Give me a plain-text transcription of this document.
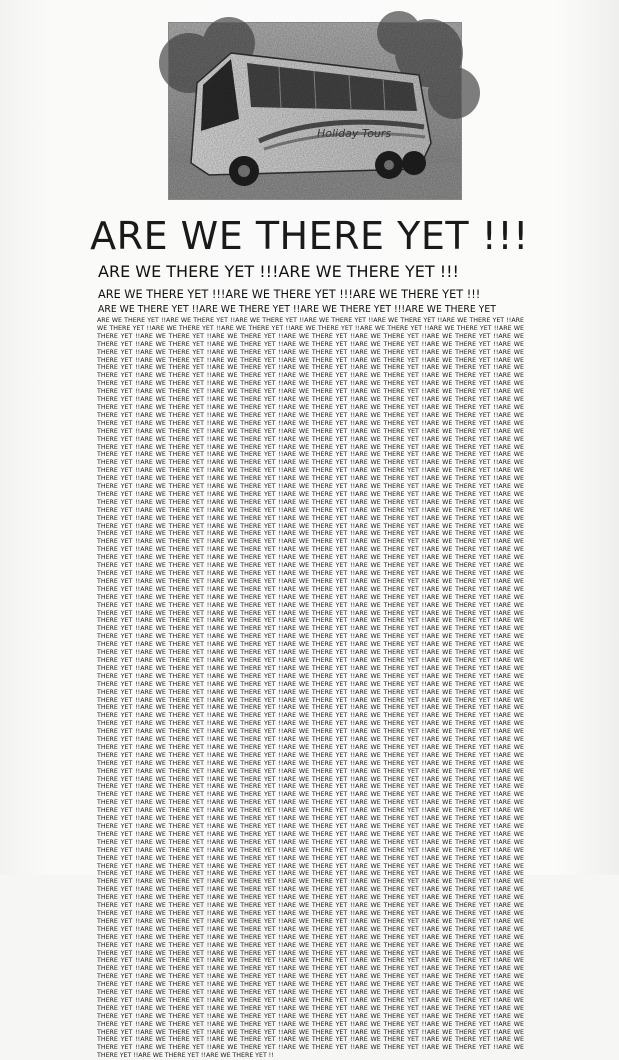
ARE WE THERE YET !!!
ARE WE THERE YET !!!ARE WE THERE YET !!!
ARE WE THERE YET !!!ARE WE THERE YET !!!ARE WE THERE YET !!!
ARE WE THERE YET !!ARE WE THERE YET !!ARE WE THERE YET !!!ARE WE THERE YET
ARE WE THERE YET !!ARE WE THERE YET !!ARE WE THERE YET !!ARE WE THERE YET !!ARE WE THERE YET !!ARE WE THERE YET !!ARE WE THERE YET !!ARE WE THERE YET !!ARE WE THERE YET !!ARE WE THERE YET !!ARE WE THERE YET !!ARE WE THERE YET !!ARE WE THERE YET !!ARE WE THERE YET !!ARE WE THERE YET !!ARE WE THERE YET !!ARE WE THERE YET !!ARE WE THERE YET !!ARE WE THERE YET !!ARE WE THERE YET !!ARE WE THERE YET !!ARE WE THERE YET !!ARE WE THERE YET !!ARE WE THERE YET !!ARE WE THERE YET !!ARE WE THERE YET !!ARE WE THERE YET !!ARE WE THERE YET !!ARE WE THERE YET !!ARE WE THERE YET !!ARE WE THERE YET !!ARE WE THERE YET !!ARE WE THERE YET !!ARE WE THERE YET !!ARE WE THERE YET !!ARE WE THERE YET !!ARE WE THERE YET !!ARE WE THERE YET !!ARE WE THERE YET !!ARE WE THERE YET !!ARE WE THERE YET !!ARE WE THERE YET !!ARE WE THERE YET !!ARE WE THERE YET !!ARE WE THERE YET !!ARE WE THERE YET !!ARE WE THERE YET !!ARE WE THERE YET !!ARE WE THERE YET !!ARE WE THERE YET !!ARE WE THERE YET !!ARE WE THERE YET !!ARE WE THERE YET !!ARE WE THERE YET !!ARE WE THERE YET !!ARE WE THERE YET !!ARE WE THERE YET !!ARE WE THERE YET !!ARE WE THERE YET !!ARE WE THERE YET !!ARE WE THERE YET !!ARE WE THERE YET !!ARE WE THERE YET !!ARE WE THERE YET !!ARE WE THERE YET !!ARE WE THERE YET !!ARE WE THERE YET !!ARE WE THERE YET !!ARE WE THERE YET !!ARE WE THERE YET !!ARE WE THERE YET !!ARE WE THERE YET !!ARE WE THERE YET !!ARE WE THERE YET !!ARE WE THERE YET !!ARE WE THERE YET !!ARE WE THERE YET !!ARE WE THERE YET !!ARE WE THERE YET !!ARE WE THERE YET !!ARE WE THERE YET !!ARE WE THERE YET !!ARE WE THERE YET !!ARE WE THERE YET !!ARE WE THERE YET !!ARE WE THERE YET !!ARE WE THERE YET !!ARE WE THERE YET !!ARE WE THERE YET !!ARE WE THERE YET !!ARE WE THERE YET !!ARE WE THERE YET !!ARE WE THERE YET !!ARE WE THERE YET !!ARE WE THERE YET !!ARE WE THERE YET !!ARE WE THERE YET !!ARE WE THERE YET !!ARE WE THERE YET !!ARE WE THERE YET !!ARE WE THERE YET !!ARE WE THERE YET !!ARE WE THERE YET !!ARE WE THERE YET !!ARE WE THERE YET !!ARE WE THERE YET !!ARE WE THERE YET !!ARE WE THERE YET !!ARE WE THERE YET !!ARE WE THERE YET !!ARE WE THERE YET !!ARE WE THERE YET !!ARE WE THERE YET !!ARE WE THERE YET !!ARE WE THERE YET !!ARE WE THERE YET !!ARE WE THERE YET !!ARE WE THERE YET !!ARE WE THERE YET !!ARE WE THERE YET !!ARE WE THERE YET !!ARE WE THERE YET !!ARE WE THERE YET !!ARE WE THERE YET !!ARE WE THERE YET !!ARE WE THERE YET !!ARE WE THERE YET !!ARE WE THERE YET !!ARE WE THERE YET !!ARE WE THERE YET !!ARE WE THERE YET !!ARE WE THERE YET !!ARE WE THERE YET !!ARE WE THERE YET !!ARE WE THERE YET !!ARE WE THERE YET !!ARE WE THERE YET !!ARE WE THERE YET !!ARE WE THERE YET !!ARE WE THERE YET !!ARE WE THERE YET !!ARE WE THERE YET !!ARE WE THERE YET !!ARE WE THERE YET !!ARE WE THERE YET !!ARE WE THERE YET !!ARE WE THERE YET !!ARE WE THERE YET !!ARE WE THERE YET !!ARE WE THERE YET !!ARE WE THERE YET !!ARE WE THERE YET !!ARE WE THERE YET !!ARE WE THERE YET !!ARE WE THERE YET !!ARE WE THERE YET !!ARE WE THERE YET !!ARE WE THERE YET !!ARE WE THERE YET !!ARE WE THERE YET !!ARE WE THERE YET !!ARE WE THERE YET !!ARE WE THERE YET !!ARE WE THERE YET !!ARE WE THERE YET !!ARE WE THERE YET !!ARE WE THERE YET !!ARE WE THERE YET !!ARE WE THERE YET !!ARE WE THERE YET !!ARE WE THERE YET !!ARE WE THERE YET !!ARE WE THERE YET !!ARE WE THERE YET !!ARE WE THERE YET !!ARE WE THERE YET !!ARE WE THERE YET !!ARE WE THERE YET !!ARE WE THERE YET !!ARE WE THERE YET !!ARE WE THERE YET !!ARE WE THERE YET !!ARE WE THERE YET !!ARE WE THERE YET !!ARE WE THERE YET !!ARE WE THERE YET !!ARE WE THERE YET !!ARE WE THERE YET !!ARE WE THERE YET !!ARE WE THERE YET !!ARE WE THERE YET !!ARE WE THERE YET !!ARE WE THERE YET !!ARE WE THERE YET !!ARE WE THERE YET !!ARE WE THERE YET !!ARE WE THERE YET !!ARE WE THERE YET !!ARE WE THERE YET !!ARE WE THERE YET !!ARE WE THERE YET !!ARE WE THERE YET !!ARE WE THERE YET !!ARE WE THERE YET !!ARE WE THERE YET !!ARE WE THERE YET !!ARE WE THERE YET !!ARE WE THERE YET !!ARE WE THERE YET !!ARE WE THERE YET !!ARE WE THERE YET !!ARE WE THERE YET !!ARE WE THERE YET !!ARE WE THERE YET !!ARE WE THERE YET !!ARE WE THERE YET !!ARE WE THERE YET !!ARE WE THERE YET !!ARE WE THERE YET !!ARE WE THERE YET !!ARE WE THERE YET !!ARE WE THERE YET !!ARE WE THERE YET !!ARE WE THERE YET !!ARE WE THERE YET !!ARE WE THERE YET !!ARE WE THERE YET !!ARE WE THERE YET !!ARE WE THERE YET !!ARE WE THERE YET !!ARE WE THERE YET !!ARE WE THERE YET !!ARE WE THERE YET !!ARE WE THERE YET !!ARE WE THERE YET !!ARE WE THERE YET !!ARE WE THERE YET !!ARE WE THERE YET !!ARE WE THERE YET !!ARE WE THERE YET !!ARE WE THERE YET !!ARE WE THERE YET !!ARE WE THERE YET !!ARE WE THERE YET !!ARE WE THERE YET !!ARE WE THERE YET !!ARE WE THERE YET !!ARE WE THERE YET !!ARE WE THERE YET !!ARE WE THERE YET !!ARE WE THERE YET !!ARE WE THERE YET !!ARE WE THERE YET !!ARE WE THERE YET !!ARE WE THERE YET !!ARE WE THERE YET !!ARE WE THERE YET !!ARE WE THERE YET !!ARE WE THERE YET !!ARE WE THERE YET !!ARE WE THERE YET !!ARE WE THERE YET !!ARE WE THERE YET !!ARE WE THERE YET !!ARE WE THERE YET !!ARE WE THERE YET !!ARE WE THERE YET !!ARE WE THERE YET !!ARE WE THERE YET !!ARE WE THERE YET !!ARE WE THERE YET !!ARE WE THERE YET !!ARE WE THERE YET !!ARE WE THERE YET !!ARE WE THERE YET !!ARE WE THERE YET !!ARE WE THERE YET !!ARE WE THERE YET !!ARE WE THERE YET !!ARE WE THERE YET !!ARE WE THERE YET !!ARE WE THERE YET !!ARE WE THERE YET !!ARE WE THERE YET !!ARE WE THERE YET !!ARE WE THERE YET !!ARE WE THERE YET !!ARE WE THERE YET !!ARE WE THERE YET !!ARE WE THERE YET !!ARE WE THERE YET !!ARE WE THERE YET !!ARE WE THERE YET !!ARE WE THERE YET !!ARE WE THERE YET !!ARE WE THERE YET !!ARE WE THERE YET !!ARE WE THERE YET !!ARE WE THERE YET !!ARE WE THERE YET !!ARE WE THERE YET !!ARE WE THERE YET !!ARE WE THERE YET !!ARE WE THERE YET !!ARE WE THERE YET !!ARE WE THERE YET !!ARE WE THERE YET !!ARE WE THERE YET !!ARE WE THERE YET !!ARE WE THERE YET !!ARE WE THERE YET !!ARE WE THERE YET !!ARE WE THERE YET !!ARE WE THERE YET !!ARE WE THERE YET !!ARE WE THERE YET !!ARE WE THERE YET !!ARE WE THERE YET !!ARE WE THERE YET !!ARE WE THERE YET !!ARE WE THERE YET !!ARE WE THERE YET !!ARE WE THERE YET !!ARE WE THERE YET !!ARE WE THERE YET !!ARE WE THERE YET !!ARE WE THERE YET !!ARE WE THERE YET !!ARE WE THERE YET !!ARE WE THERE YET !!ARE WE THERE YET !!ARE WE THERE YET !!ARE WE THERE YET !!ARE WE THERE YET !!ARE WE THERE YET !!ARE WE THERE YET !!ARE WE THERE YET !!ARE WE THERE YET !!ARE WE THERE YET !!ARE WE THERE YET !!ARE WE THERE YET !!ARE WE THERE YET !!ARE WE THERE YET !!ARE WE THERE YET !!ARE WE THERE YET !!ARE WE THERE YET !!ARE WE THERE YET !!ARE WE THERE YET !!ARE WE THERE YET !!ARE WE THERE YET !!ARE WE THERE YET !!ARE WE THERE YET !!ARE WE THERE YET !!ARE WE THERE YET !!ARE WE THERE YET !!ARE WE THERE YET !!ARE WE THERE YET !!ARE WE THERE YET !!ARE WE THERE YET !!ARE WE THERE YET !!ARE WE THERE YET !!ARE WE THERE YET !!ARE WE THERE YET !!ARE WE THERE YET !!ARE WE THERE YET !!ARE WE THERE YET !!ARE WE THERE YET !!ARE WE THERE YET !!ARE WE THERE YET !!ARE WE THERE YET !!ARE WE THERE YET !!ARE WE THERE YET !!ARE WE THERE YET !!ARE WE THERE YET !!ARE WE THERE YET !!ARE WE THERE YET !!ARE WE THERE YET !!ARE WE THERE YET !!ARE WE THERE YET !!ARE WE THERE YET !!ARE WE THERE YET !!ARE WE THERE YET !!ARE WE THERE YET !!ARE WE THERE YET !!ARE WE THERE YET !!ARE WE THERE YET !!ARE WE THERE YET !!ARE WE THERE YET !!ARE WE THERE YET !!ARE WE THERE YET !!ARE WE THERE YET !!ARE WE THERE YET !!ARE WE THERE YET !!ARE WE THERE YET !!ARE WE THERE YET !!ARE WE THERE YET !!ARE WE THERE YET !!ARE WE THERE YET !!ARE WE THERE YET !!ARE WE THERE YET !!ARE WE THERE YET !!ARE WE THERE YET !!ARE WE THERE YET !!ARE WE THERE YET !!ARE WE THERE YET !!ARE WE THERE YET !!ARE WE THERE YET !!ARE WE THERE YET !!ARE WE THERE YET !!ARE WE THERE YET !!ARE WE THERE YET !!ARE WE THERE YET !!ARE WE THERE YET !!ARE WE THERE YET !!ARE WE THERE YET !!ARE WE THERE YET !!ARE WE THERE YET !!ARE WE THERE YET !!ARE WE THERE YET !!ARE WE THERE YET !!ARE WE THERE YET !!ARE WE THERE YET !!ARE WE THERE YET !!ARE WE THERE YET !!ARE WE THERE YET !!ARE WE THERE YET !!ARE WE THERE YET !!ARE WE THERE YET !!ARE WE THERE YET !!ARE WE THERE YET !!ARE WE THERE YET !!ARE WE THERE YET !!ARE WE THERE YET !!ARE WE THERE YET !!ARE WE THERE YET !!ARE WE THERE YET !!ARE WE THERE YET !!ARE WE THERE YET !!ARE WE THERE YET !!ARE WE THERE YET !!ARE WE THERE YET !!ARE WE THERE YET !!ARE WE THERE YET !!ARE WE THERE YET !!ARE WE THERE YET !!ARE WE THERE YET !!ARE WE THERE YET !!ARE WE THERE YET !!ARE WE THERE YET !!ARE WE THERE YET !!ARE WE THERE YET !!ARE WE THERE YET !!ARE WE THERE YET !!ARE WE THERE YET !!ARE WE THERE YET !!ARE WE THERE YET !!ARE WE THERE YET !!ARE WE THERE YET !!ARE WE THERE YET !!ARE WE THERE YET !!ARE WE THERE YET !!ARE WE THERE YET !!ARE WE THERE YET !!ARE WE THERE YET !!ARE WE THERE YET !!ARE WE THERE YET !!ARE WE THERE YET !!ARE WE THERE YET !!ARE WE THERE YET !!ARE WE THERE YET !!ARE WE THERE YET !!ARE WE THERE YET !!ARE WE THERE YET !!ARE WE THERE YET !!ARE WE THERE YET !!ARE WE THERE YET !!ARE WE THERE YET !!ARE WE THERE YET !!ARE WE THERE YET !!ARE WE THERE YET !!ARE WE THERE YET !!ARE WE THERE YET !!ARE WE THERE YET !!ARE WE THERE YET !!ARE WE THERE YET !!ARE WE THERE YET !!ARE WE THERE YET !!ARE WE THERE YET !!ARE WE THERE YET !!ARE WE THERE YET !!ARE WE THERE YET !!ARE WE THERE YET !!ARE WE THERE YET !!ARE WE THERE YET !!ARE WE THERE YET !!ARE WE THERE YET !!ARE WE THERE YET !!ARE WE THERE YET !!ARE WE THERE YET !!ARE WE THERE YET !!ARE WE THERE YET !!ARE WE THERE YET !!ARE WE THERE YET !!ARE WE THERE YET !!ARE WE THERE YET !!ARE WE THERE YET !!ARE WE THERE YET !!ARE WE THERE YET !!ARE WE THERE YET !!ARE WE THERE YET !!ARE WE THERE YET !!ARE WE THERE YET !!ARE WE THERE YET !!ARE WE THERE YET !!ARE WE THERE YET !!ARE WE THERE YET !!ARE WE THERE YET !!ARE WE THERE YET !!ARE WE THERE YET !!ARE WE THERE YET !!ARE WE THERE YET !!ARE WE THERE YET !!ARE WE THERE YET !!ARE WE THERE YET !!ARE WE THERE YET !!ARE WE THERE YET !!ARE WE THERE YET !!ARE WE THERE YET !!ARE WE THERE YET !!ARE WE THERE YET !!ARE WE THERE YET !!ARE WE THERE YET !!ARE WE THERE YET !!ARE WE THERE YET !!ARE WE THERE YET !!ARE WE THERE YET !!ARE WE THERE YET !!ARE WE THERE YET !!ARE WE THERE YET !!ARE WE THERE YET !!ARE WE THERE YET !!ARE WE THERE YET !!ARE WE THERE YET !!ARE WE THERE YET !!ARE WE THERE YET !!ARE WE THERE YET !!ARE WE THERE YET !!ARE WE THERE YET !!ARE WE THERE YET !!ARE WE THERE YET !!ARE WE THERE YET !!ARE WE THERE YET !!ARE WE THERE YET !!ARE WE THERE YET !!ARE WE THERE YET !!ARE WE THERE YET !!ARE WE THERE YET !!ARE WE THERE YET !!ARE WE THERE YET !!ARE WE THERE YET !!ARE WE THERE YET !!
